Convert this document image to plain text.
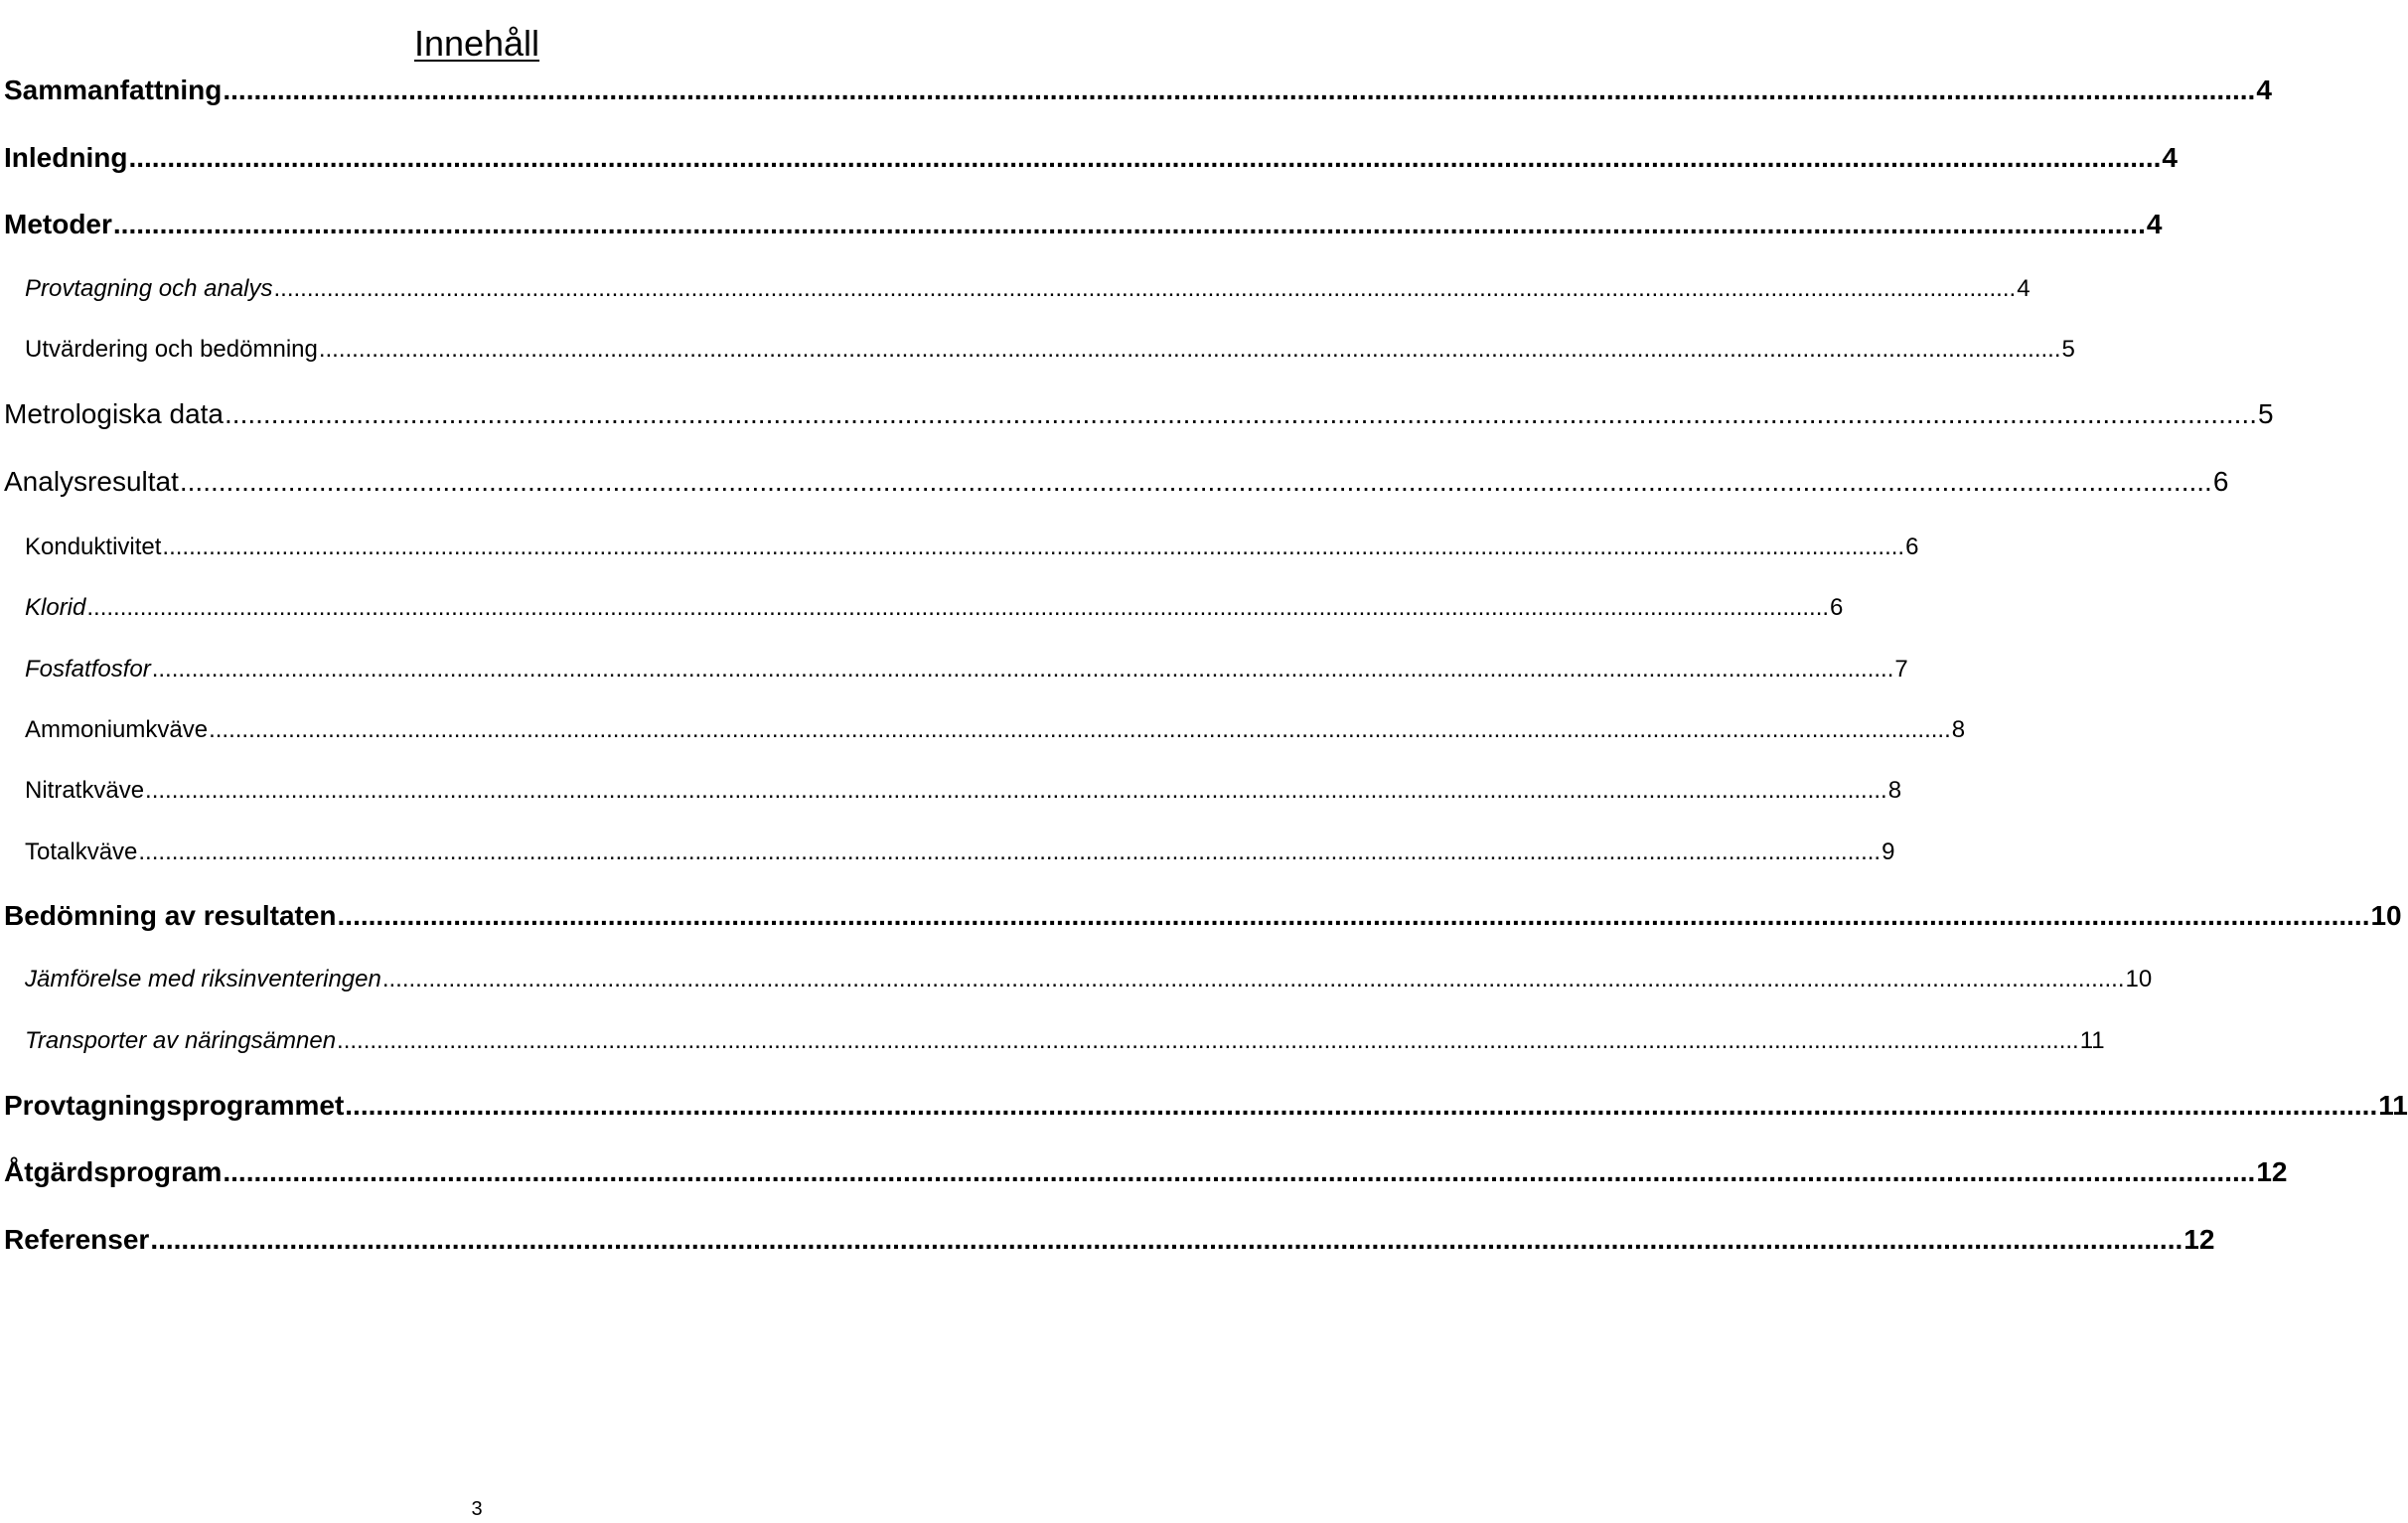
Innehåll
Sammanfattning .....	4
Inledning .....	4
Metoder .....	4
Provtagning och analys .....	4
Utvärdering och bedömning .....	5
Metrologiska data .....	5
Analysresultat .....	6
Konduktivitet .....	6
Klorid .....	6
Fosfatfosfor .....	7
Ammoniumkväve .....	8
Nitratkväve .....	8
Totalkväve .....	9
Bedömning av resultaten .....	10
Jämförelse med riksinventeringen .....	10
Transporter av näringsämnen .....	11
Provtagningsprogrammet .....	11
Åtgärdsprogram .....	12
Referenser .....	12
3
